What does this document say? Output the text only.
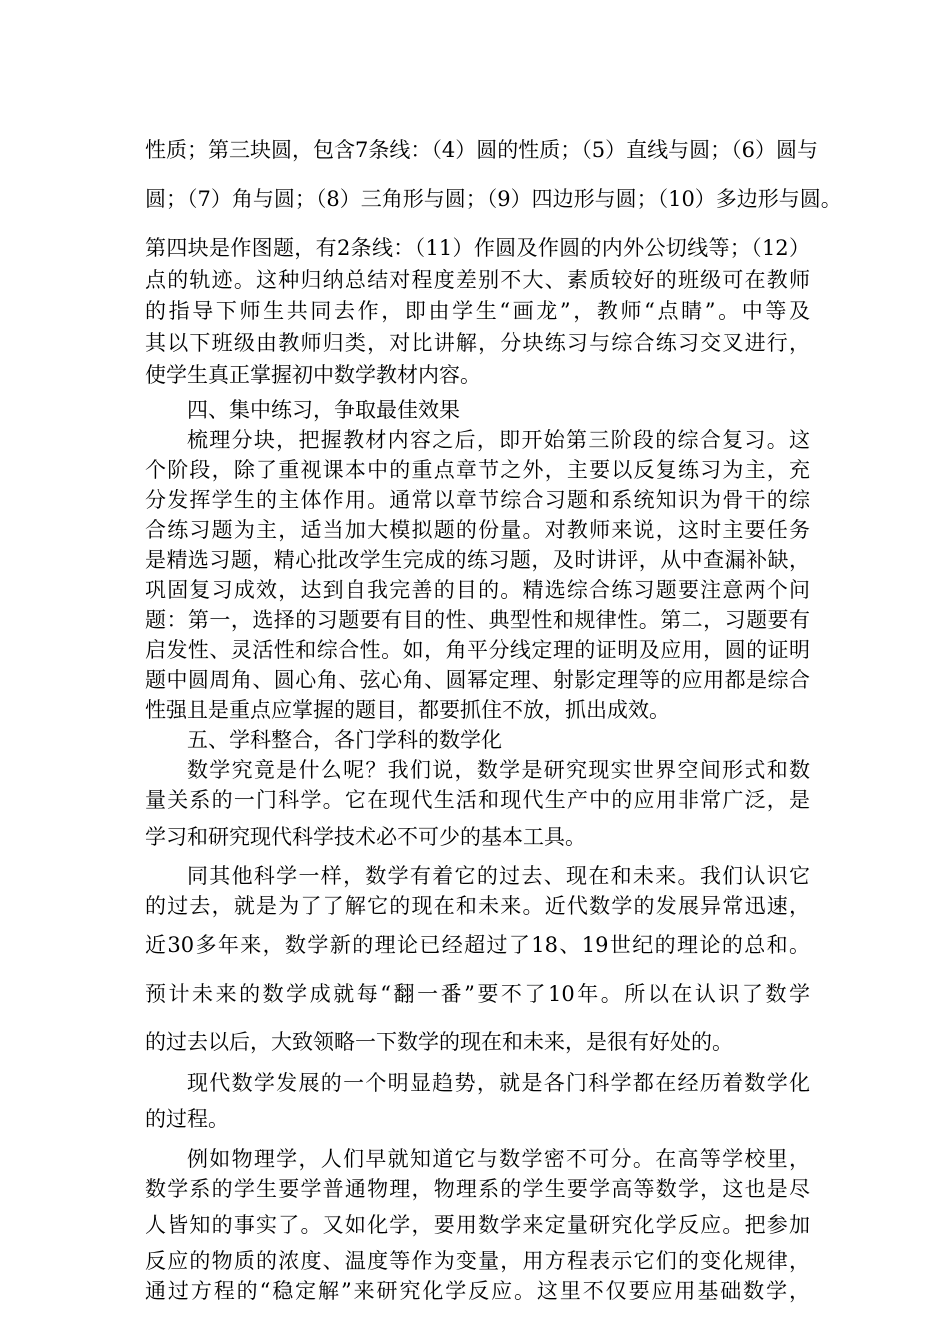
性质；第三块圆，包含7条线：（4）圆的性质；（5）直线与圆；（6）圆与
圆；（7）角与圆；（8）三角形与圆；（9）四边形与圆；（10）多边形与圆。
第四块是作图题，有2条线：（11）作圆及作圆的内外公切线等；（12）
点的轨迹。这种归纳总结对程度差别不大、素质较好的班级可在教师
的指导下师生共同去作，即由学生“画龙”，教师“点睛”。中等及
其以下班级由教师归类，对比讲解，分块练习与综合练习交叉进行，
使学生真正掌握初中数学教材内容。
四、集中练习，争取最佳效果
梳理分块，把握教材内容之后，即开始第三阶段的综合复习。这
个阶段，除了重视课本中的重点章节之外，主要以反复练习为主，充
分发挥学生的主体作用。通常以章节综合习题和系统知识为骨干的综
合练习题为主，适当加大模拟题的份量。对教师来说，这时主要任务
是精选习题，精心批改学生完成的练习题，及时讲评，从中查漏补缺，
巩固复习成效，达到自我完善的目的。精选综合练习题要注意两个问
题：第一，选择的习题要有目的性、典型性和规律性。第二，习题要有
启发性、灵活性和综合性。如，角平分线定理的证明及应用，圆的证明
题中圆周角、圆心角、弦心角、圆幂定理、射影定理等的应用都是综合
性强且是重点应掌握的题目，都要抓住不放，抓出成效。
五、学科整合，各门学科的数学化
数学究竟是什么呢？我们说，数学是研究现实世界空间形式和数
量关系的一门科学。它在现代生活和现代生产中的应用非常广泛，是
学习和研究现代科学技术必不可少的基本工具。
同其他科学一样，数学有着它的过去、现在和未来。我们认识它
的过去，就是为了了解它的现在和未来。近代数学的发展异常迅速，
近30多年来，数学新的理论已经超过了18、19世纪的理论的总和。
预计未来的数学成就每“翻一番”要不了10年。所以在认识了数学
的过去以后，大致领略一下数学的现在和未来，是很有好处的。
现代数学发展的一个明显趋势，就是各门科学都在经历着数学化
的过程。
例如物理学，人们早就知道它与数学密不可分。在高等学校里，
数学系的学生要学普通物理，物理系的学生要学高等数学，这也是尽
人皆知的事实了。又如化学，要用数学来定量研究化学反应。把参加
反应的物质的浓度、温度等作为变量，用方程表示它们的变化规律，
通过方程的“稳定解”来研究化学反应。这里不仅要应用基础数学，
